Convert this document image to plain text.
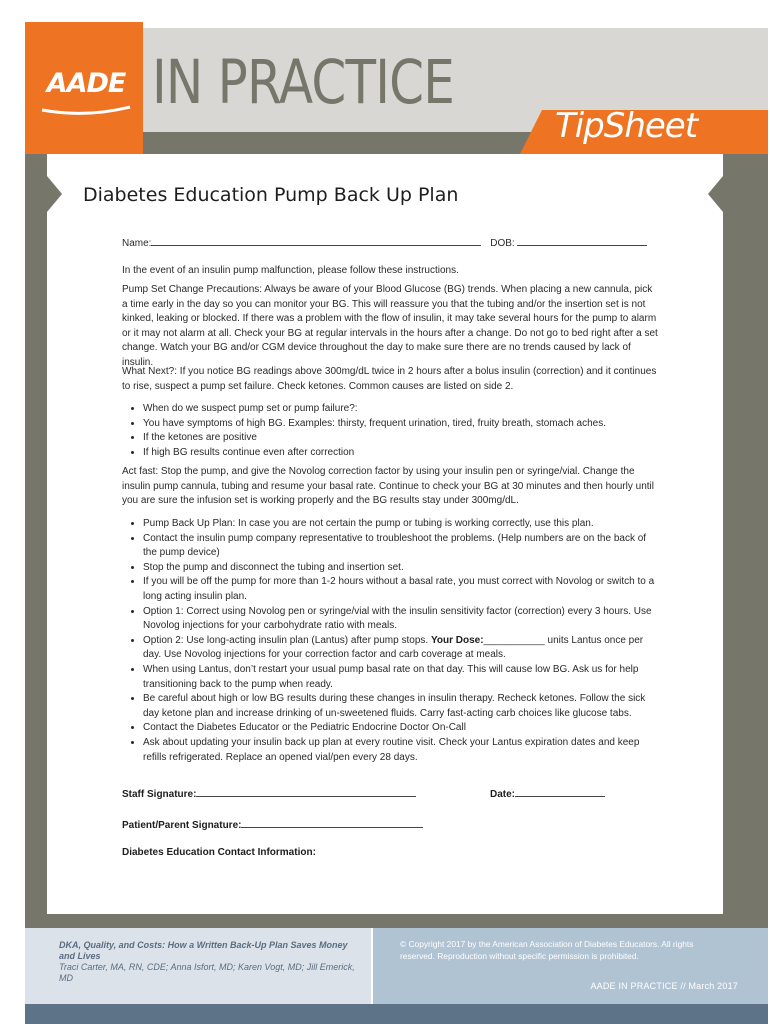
AADE IN PRACTICE
TipSheet
Diabetes Education Pump Back Up Plan
Name:	DOB:
In the event of an insulin pump malfunction, please follow these instructions.
Pump Set Change Precautions: Always be aware of your Blood Glucose (BG) trends. When placing a new cannula, pick a time early in the day so you can monitor your BG. This will reassure you that the tubing and/or the insertion set is not kinked, leaking or blocked. If there was a problem with the flow of insulin, it may take several hours for the pump to alarm or it may not alarm at all. Check your BG at regular intervals in the hours after a change. Do not go to bed right after a set change. Watch your BG and/or CGM device throughout the day to make sure there are no trends caused by lack of insulin.
What Next?: If you notice BG readings above 300mg/dL twice in 2 hours after a bolus insulin (correction) and it continues to rise, suspect a pump set failure. Check ketones. Common causes are listed on side 2.
• When do we suspect pump set or pump failure?:
• You have symptoms of high BG. Examples: thirsty, frequent urination, tired, fruity breath, stomach aches.
• If the ketones are positive
• If high BG results continue even after correction
Act fast: Stop the pump, and give the Novolog correction factor by using your insulin pen or syringe/vial. Change the insulin pump cannula, tubing and resume your basal rate. Continue to check your BG at 30 minutes and then hourly until you are sure the infusion set is working properly and the BG results stay under 300mg/dL.
• Pump Back Up Plan: In case you are not certain the pump or tubing is working correctly, use this plan.
• Contact the insulin pump company representative to troubleshoot the problems. (Help numbers are on the back of the pump device)
• Stop the pump and disconnect the tubing and insertion set.
• If you will be off the pump for more than 1-2 hours without a basal rate, you must correct with Novolog or switch to a long acting insulin plan.
• Option 1: Correct using Novolog pen or syringe/vial with the insulin sensitivity factor (correction) every 3 hours. Use Novolog injections for your carbohydrate ratio with meals.
• Option 2: Use long-acting insulin plan (Lantus) after pump stops. Your Dose:___________ units Lantus once per day. Use Novolog injections for your correction factor and carb coverage at meals.
• When using Lantus, don’t restart your usual pump basal rate on that day. This will cause low BG. Ask us for help transitioning back to the pump when ready.
• Be careful about high or low BG results during these changes in insulin therapy. Recheck ketones. Follow the sick day ketone plan and increase drinking of un-sweetened fluids. Carry fast-acting carb choices like glucose tabs.
• Contact the Diabetes Educator or the Pediatric Endocrine Doctor On-Call
• Ask about updating your insulin back up plan at every routine visit. Check your Lantus expiration dates and keep refills refrigerated. Replace an opened vial/pen every 28 days.
Staff Signature:	Date:
Patient/Parent Signature:
Diabetes Education Contact Information:
DKA, Quality, and Costs: How a Written Back-Up Plan Saves Money and Lives
Traci Carter, MA, RN, CDE; Anna Isfort, MD; Karen Vogt, MD; Jill Emerick, MD
© Copyright 2017 by the American Association of Diabetes Educators. All rights reserved. Reproduction without specific permission is prohibited.
AADE IN PRACTICE // March 2017
